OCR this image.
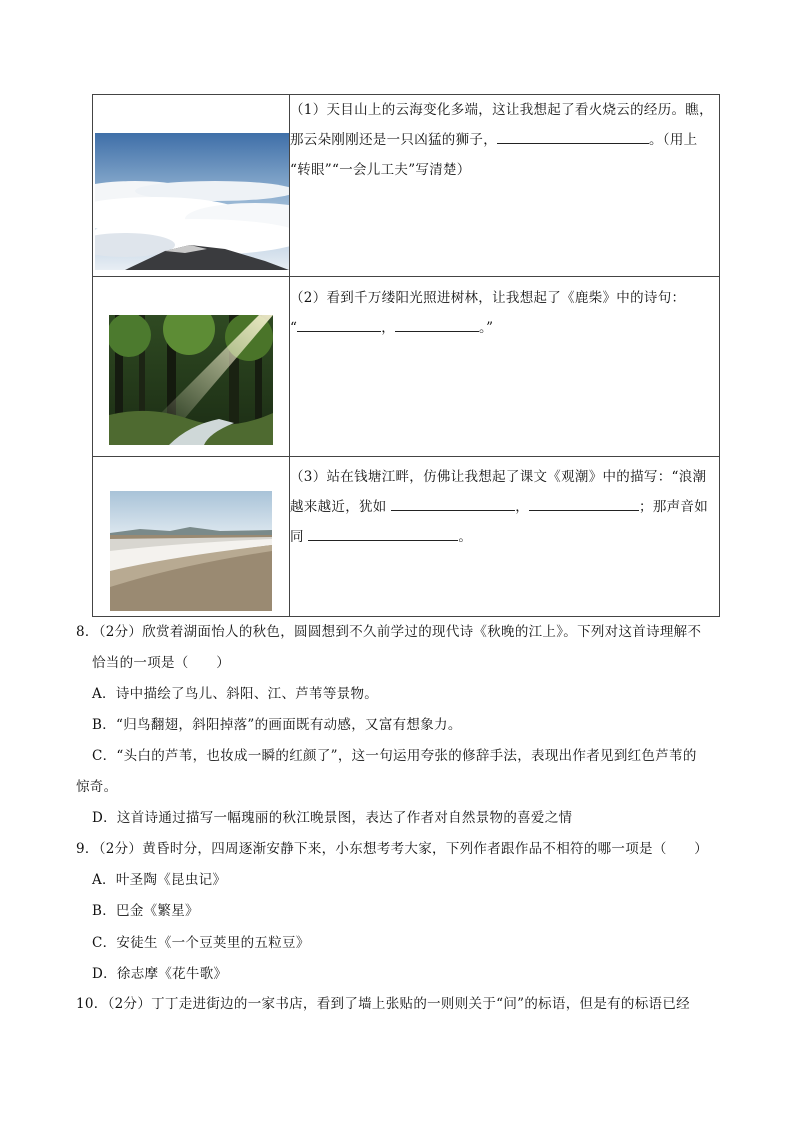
（1）天目山上的云海变化多端，这让我想起了看火烧云的经历。瞧，
那云朵刚刚还是一只凶猛的狮子， 。（用上
“转眼”“一会儿工夫”写清楚）

（2）看到千万缕阳光照进树林，让我想起了《鹿柴》中的诗句：
“ ， 。”

（3）站在钱塘江畔，仿佛让我想起了课文《观潮》中的描写：“浪潮
越来越近，犹如 ， ；那声音如
同 。
8．（2分）欣赏着湖面怡人的秋色，圆圆想到不久前学过的现代诗《秋晚的江上》。下列对这首诗理解不
恰当的一项是（　　）
A．诗中描绘了鸟儿、斜阳、江、芦苇等景物。
B．“归鸟翻翅，斜阳掉落”的画面既有动感，又富有想象力。
C．“头白的芦苇，也妆成一瞬的红颜了”，这一句运用夸张的修辞手法，表现出作者见到红色芦苇的
惊奇。
D．这首诗通过描写一幅瑰丽的秋江晚景图，表达了作者对自然景物的喜爱之情
9．（2分）黄昏时分，四周逐渐安静下来，小东想考考大家，下列作者跟作品不相符的哪一项是（　　）
A．叶圣陶《昆虫记》
B．巴金《繁星》
C．安徒生《一个豆荚里的五粒豆》
D．徐志摩《花牛歌》
10．（2分）丁丁走进街边的一家书店，看到了墙上张贴的一则则关于“问”的标语，但是有的标语已经
